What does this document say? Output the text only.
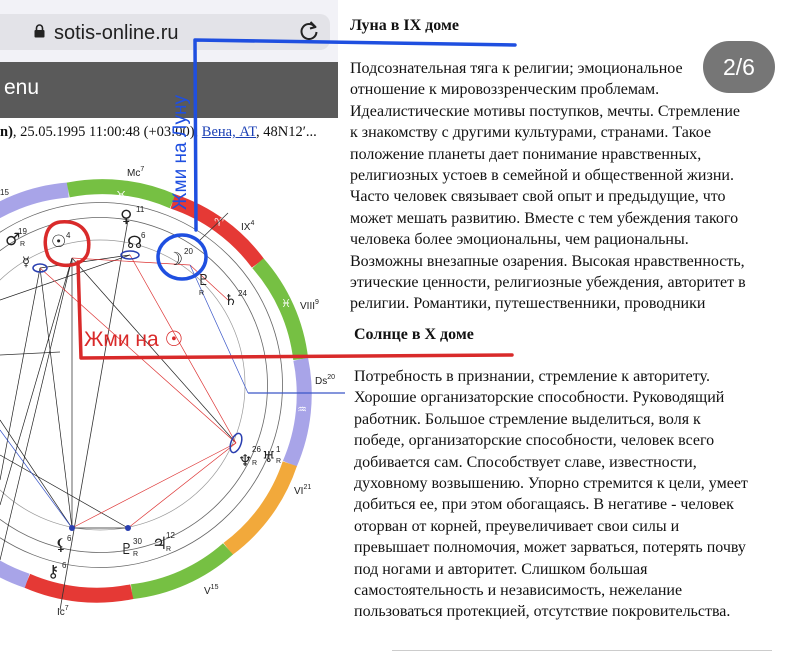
sotis-online.ru
enu
n), 25.05.1995 11:00:48 (+03:00), Вена, AT, 48N12′...
♉
♊	♈
♓
♒
♀
☊
♂
☿
☉
☽
♇
♄
♆ ♅
♇ ♃
⚸
⚷
11
6
19	4
20
24
26 1
30
12
6
6
15
R	R
R
R
R
R
Mc$^7$
$IX^4$
VIII$^9$
Ds$^{20}$
VI$^{21}$
$V^{15}$
Ic$^7$
Луна в IX доме
Подсознательная тяга к религии; эмоциональное
отношение к мировоззренческим проблемам.
Идеалистические мотивы поступков, мечты. Стремление
к знакомству с другими культурами, странами. Такое
положение планеты дает понимание нравственных,
религиозных устоев в семейной и общественной жизни.
Часто человек связывает свой опыт и предыдущие, что
может мешать развитию. Вместе с тем убеждения такого
человека более эмоциональны, чем рациональны.
Возможны внезапные озарения. Высокая нравственность,
этические ценности, религиозные убеждения, авторитет в
религии. Романтики, путешественники, проводники
Солнце в X доме
Потребность в признании, стремление к авторитету.
Хорошие организаторские способности. Руководящий
работник. Большое стремление выделиться, воля к
победе, организаторские способности, человек всего
добивается сам. Способствует славе, известности,
духовному возвышению. Упорно стремится к цели, умеет
добиться ее, при этом обогащаясь. В негативе - человек
оторван от корней, преувеличивает свои силы и
превышает полномочия, может зарваться, потерять почву
под ногами и авторитет. Слишком большая
самостоятельность и независимость, нежелание
пользоваться протекцией, отсутствие покровительства.
2/6
Жми на Луну
Жми на ☉
